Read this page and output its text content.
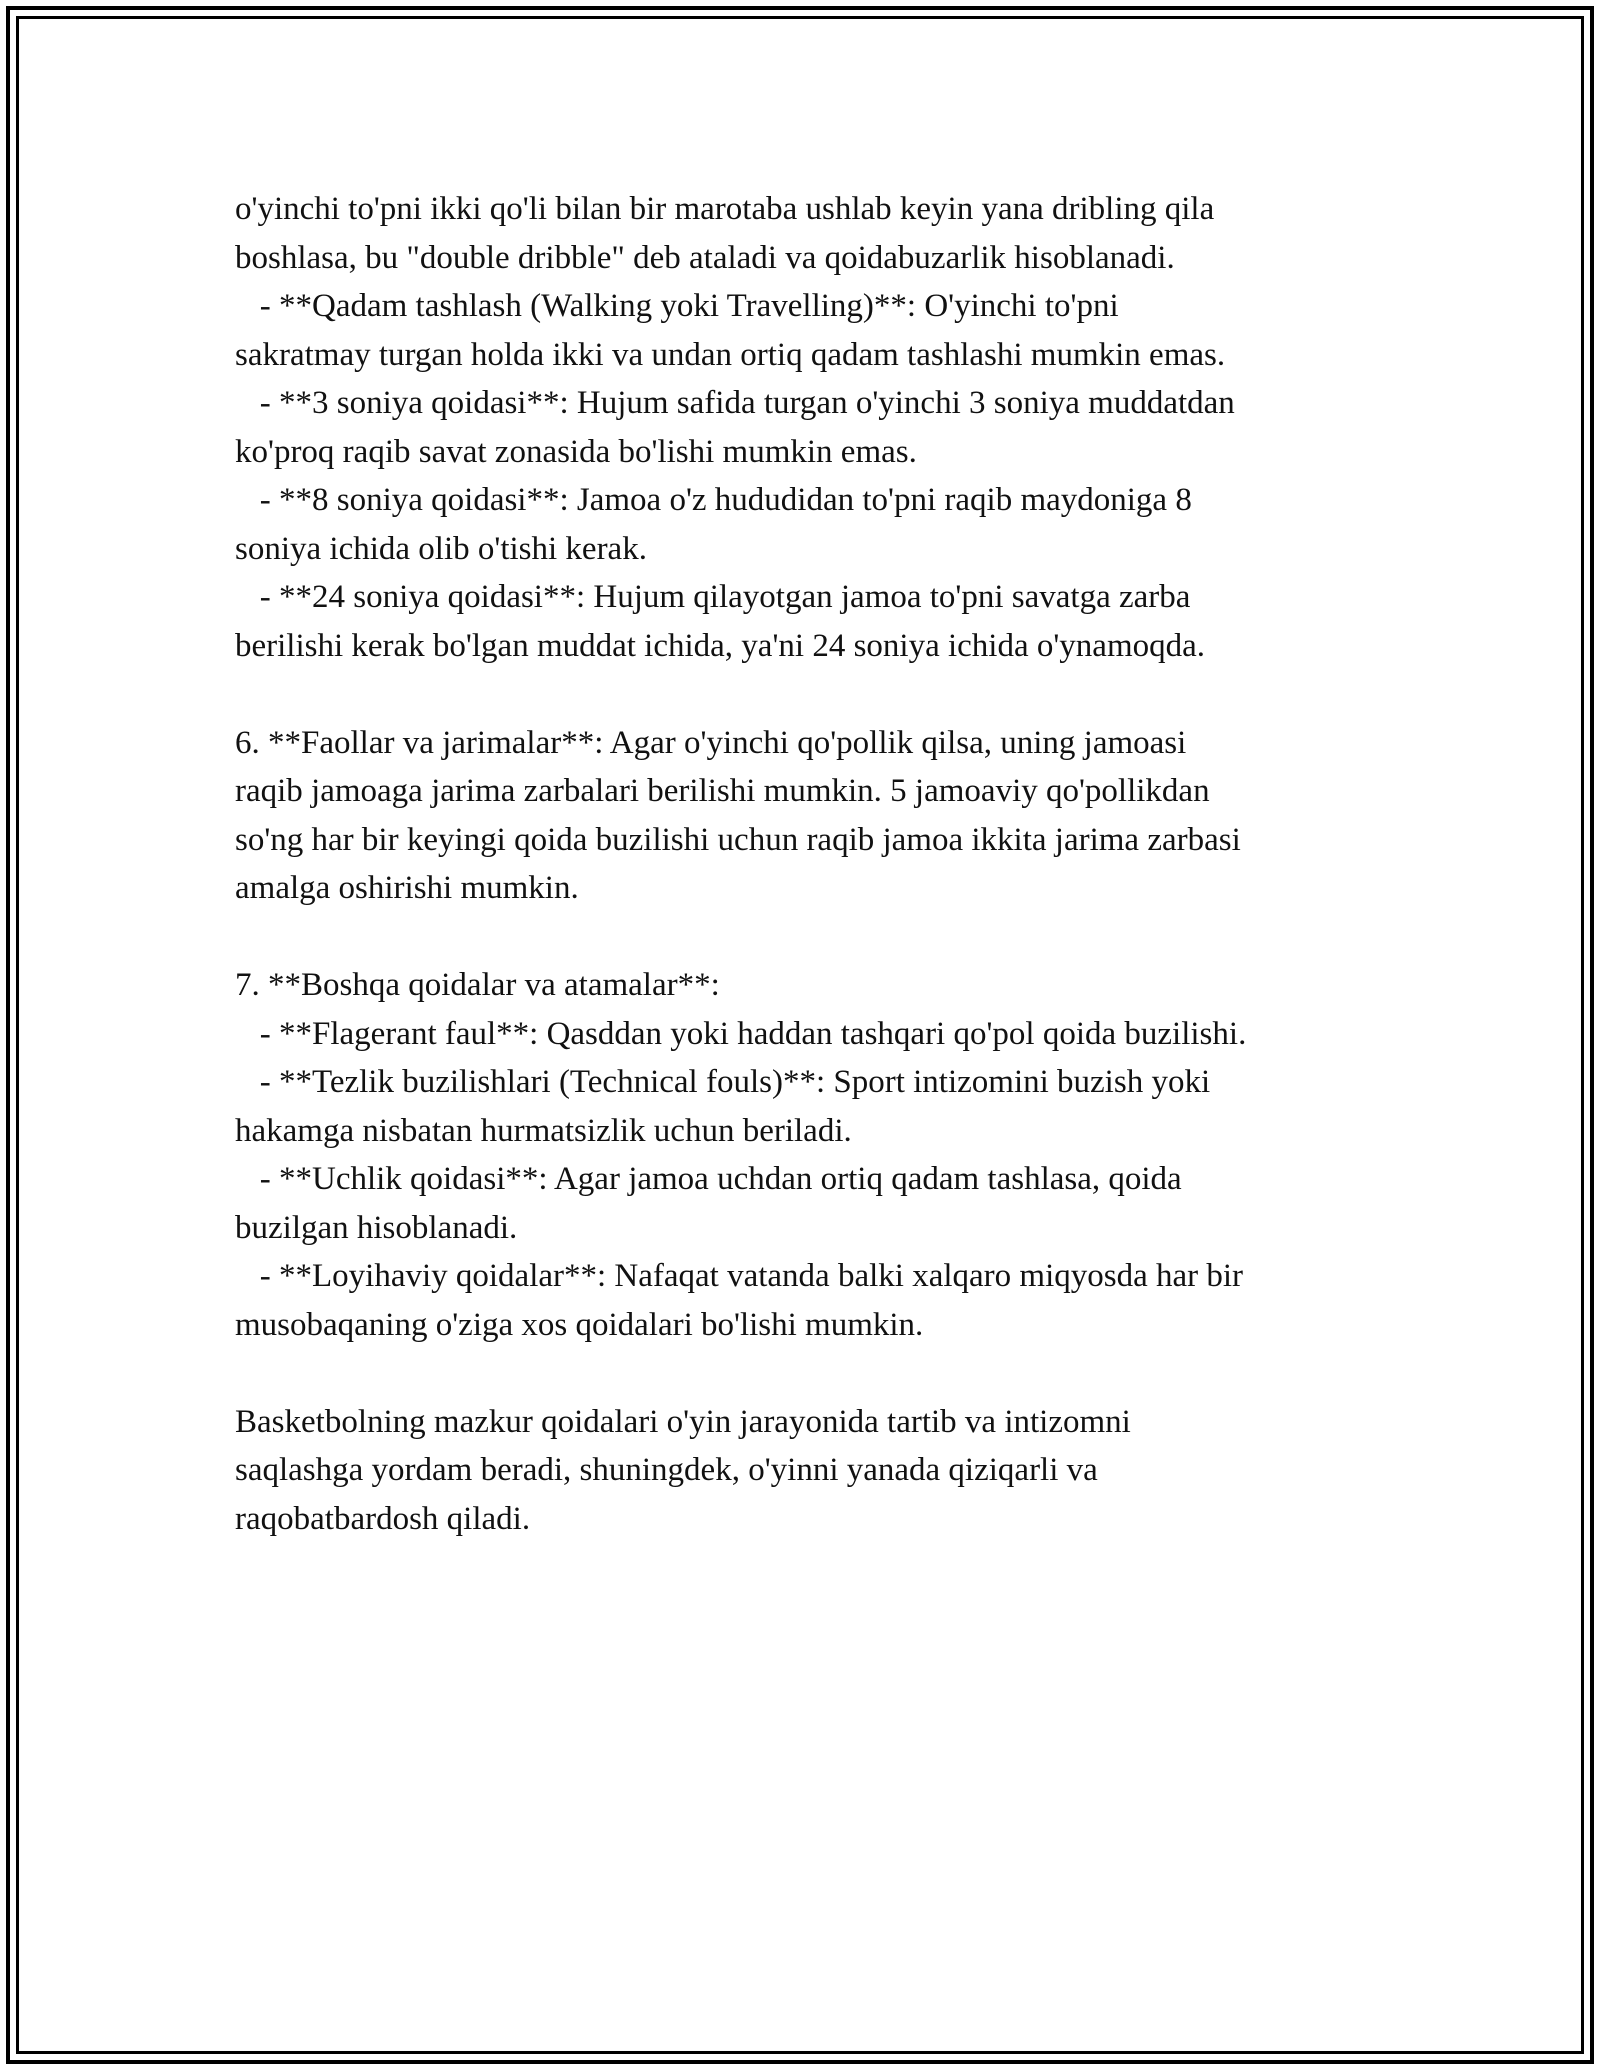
o'yinchi to'pni ikki qo'li bilan bir marotaba ushlab keyin yana dribling qila
boshlasa, bu "double dribble" deb ataladi va qoidabuzarlik hisoblanadi.
- **Qadam tashlash (Walking yoki Travelling)**: O'yinchi to'pni
sakratmay turgan holda ikki va undan ortiq qadam tashlashi mumkin emas.
- **3 soniya qoidasi**: Hujum safida turgan o'yinchi 3 soniya muddatdan
ko'proq raqib savat zonasida bo'lishi mumkin emas.
- **8 soniya qoidasi**: Jamoa o'z hududidan to'pni raqib maydoniga 8
soniya ichida olib o'tishi kerak.
- **24 soniya qoidasi**: Hujum qilayotgan jamoa to'pni savatga zarba
berilishi kerak bo'lgan muddat ichida, ya'ni 24 soniya ichida o'ynamoqda.
6. **Faollar va jarimalar**: Agar o'yinchi qo'pollik qilsa, uning jamoasi
raqib jamoaga jarima zarbalari berilishi mumkin. 5 jamoaviy qo'pollikdan
so'ng har bir keyingi qoida buzilishi uchun raqib jamoa ikkita jarima zarbasi
amalga oshirishi mumkin.
7. **Boshqa qoidalar va atamalar**:
- **Flagerant faul**: Qasddan yoki haddan tashqari qo'pol qoida buzilishi.
- **Tezlik buzilishlari (Technical fouls)**: Sport intizomini buzish yoki
hakamga nisbatan hurmatsizlik uchun beriladi.
- **Uchlik qoidasi**: Agar jamoa uchdan ortiq qadam tashlasa, qoida
buzilgan hisoblanadi.
- **Loyihaviy qoidalar**: Nafaqat vatanda balki xalqaro miqyosda har bir
musobaqaning o'ziga xos qoidalari bo'lishi mumkin.
Basketbolning mazkur qoidalari o'yin jarayonida tartib va intizomni
saqlashga yordam beradi, shuningdek, o'yinni yanada qiziqarli va
raqobatbardosh qiladi.
